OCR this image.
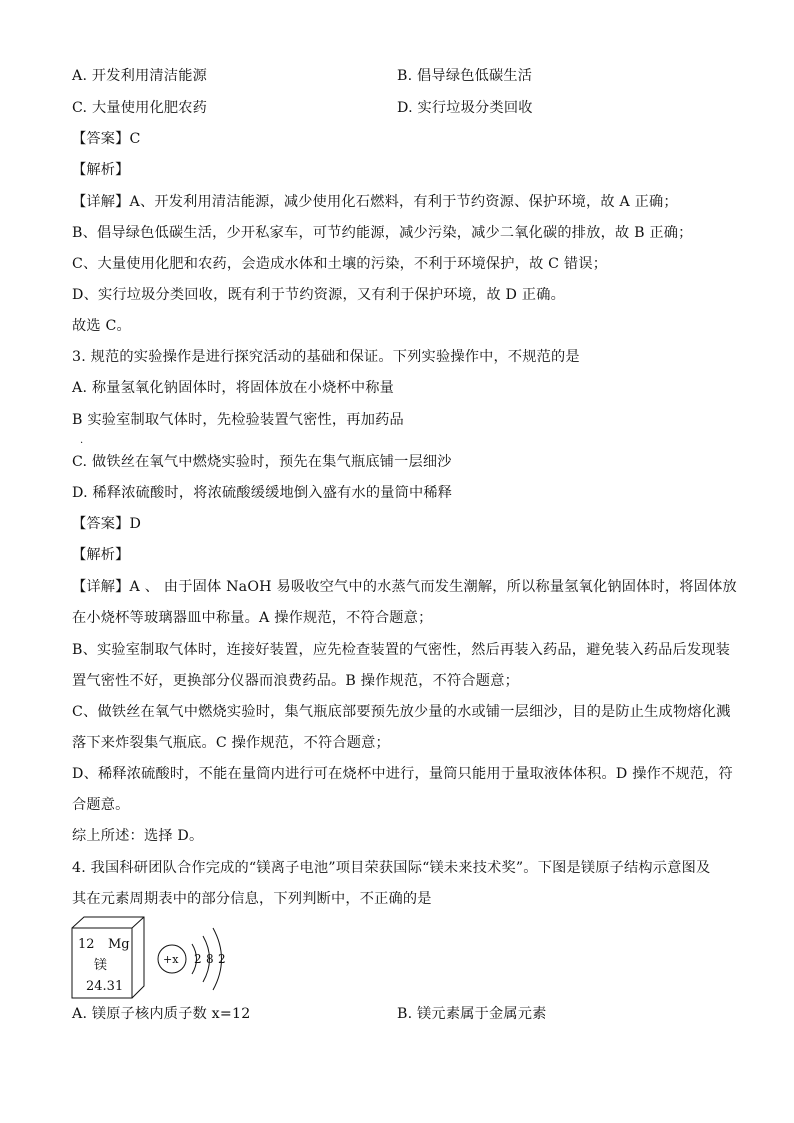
A. 开发利用清洁能源	B. 倡导绿色低碳生活
C. 大量使用化肥农药	D. 实行垃圾分类回收
【答案】C
【解析】
【详解】A、开发利用清洁能源，减少使用化石燃料，有利于节约资源、保护环境，故 A 正确；
B、倡导绿色低碳生活，少开私家车，可节约能源，减少污染，减少二氧化碳的排放，故 B 正确；
C、大量使用化肥和农药，会造成水体和土壤的污染，不利于环境保护，故 C 错误；
D、实行垃圾分类回收，既有利于节约资源，又有利于保护环境，故 D 正确。
故选 C。
3. 规范的实验操作是进行探究活动的基础和保证。下列实验操作中，不规范的是
A. 称量氢氧化钠固体时，将固体放在小烧杯中称量
B 实验室制取气体时，先检验装置气密性，再加药品
.
C. 做铁丝在氧气中燃烧实验时，预先在集气瓶底铺一层细沙
D. 稀释浓硫酸时，将浓硫酸缓缓地倒入盛有水的量筒中稀释
【答案】D
【解析】
【详解】A 、 由于固体 NaOH 易吸收空气中的水蒸气而发生潮解，所以称量氢氧化钠固体时，将固体放
在小烧杯等玻璃器皿中称量。A 操作规范，不符合题意；
B、实验室制取气体时，连接好装置，应先检查装置的气密性，然后再装入药品，避免装入药品后发现装
置气密性不好，更换部分仪器而浪费药品。B 操作规范，不符合题意；
C、做铁丝在氧气中燃烧实验时，集气瓶底部要预先放少量的水或铺一层细沙，目的是防止生成物熔化溅
落下来炸裂集气瓶底。C 操作规范，不符合题意；
D、稀释浓硫酸时，不能在量筒内进行可在烧杯中进行，量筒只能用于量取液体体积。D 操作不规范，符
合题意。
综上所述：选择 D。
4. 我国科研团队合作完成的“镁离子电池”项目荣获国际“镁未来技术奖”。下图是镁原子结构示意图及
其在元素周期表中的部分信息，下列判断中，不正确的是
12 Mg
镁
24.31
+x 2 8 2
A. 镁原子核内质子数 x=12	B. 镁元素属于金属元素
